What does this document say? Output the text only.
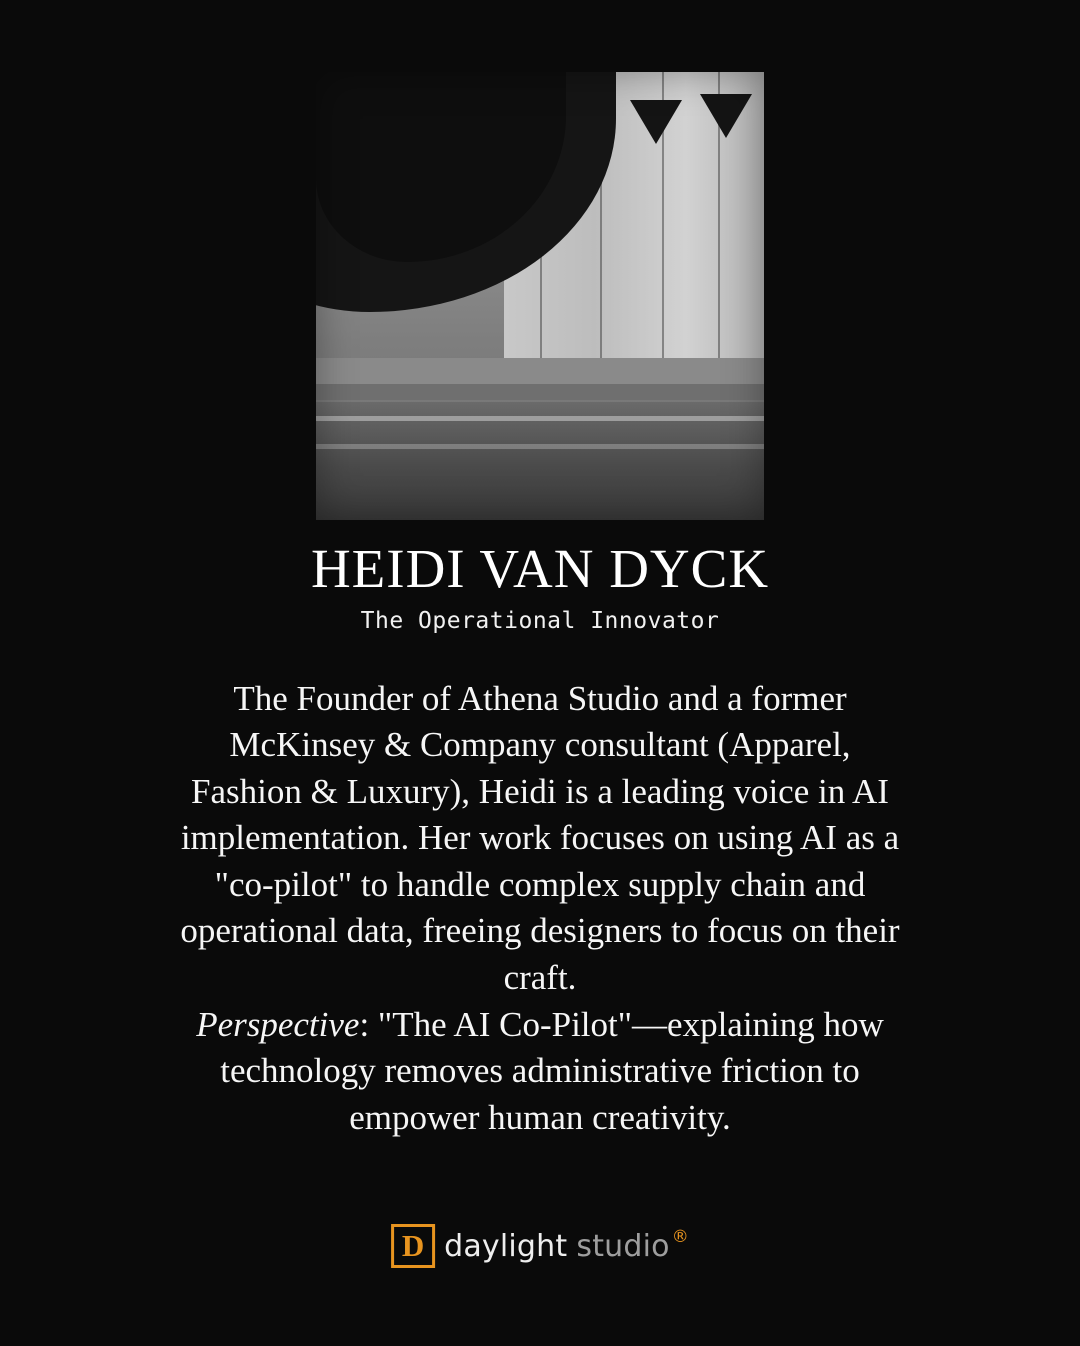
HEIDI VAN DYCK
The Operational Innovator

The Founder of Athena Studio and a former McKinsey & Company consultant (Apparel, Fashion & Luxury), Heidi is a leading voice in AI implementation. Her work focuses on using AI as a "co-pilot" to handle complex supply chain and operational data, freeing designers to focus on their craft.

Perspective: "The AI Co-Pilot"—explaining how technology removes administrative friction to empower human creativity.

D daylight studio ®
